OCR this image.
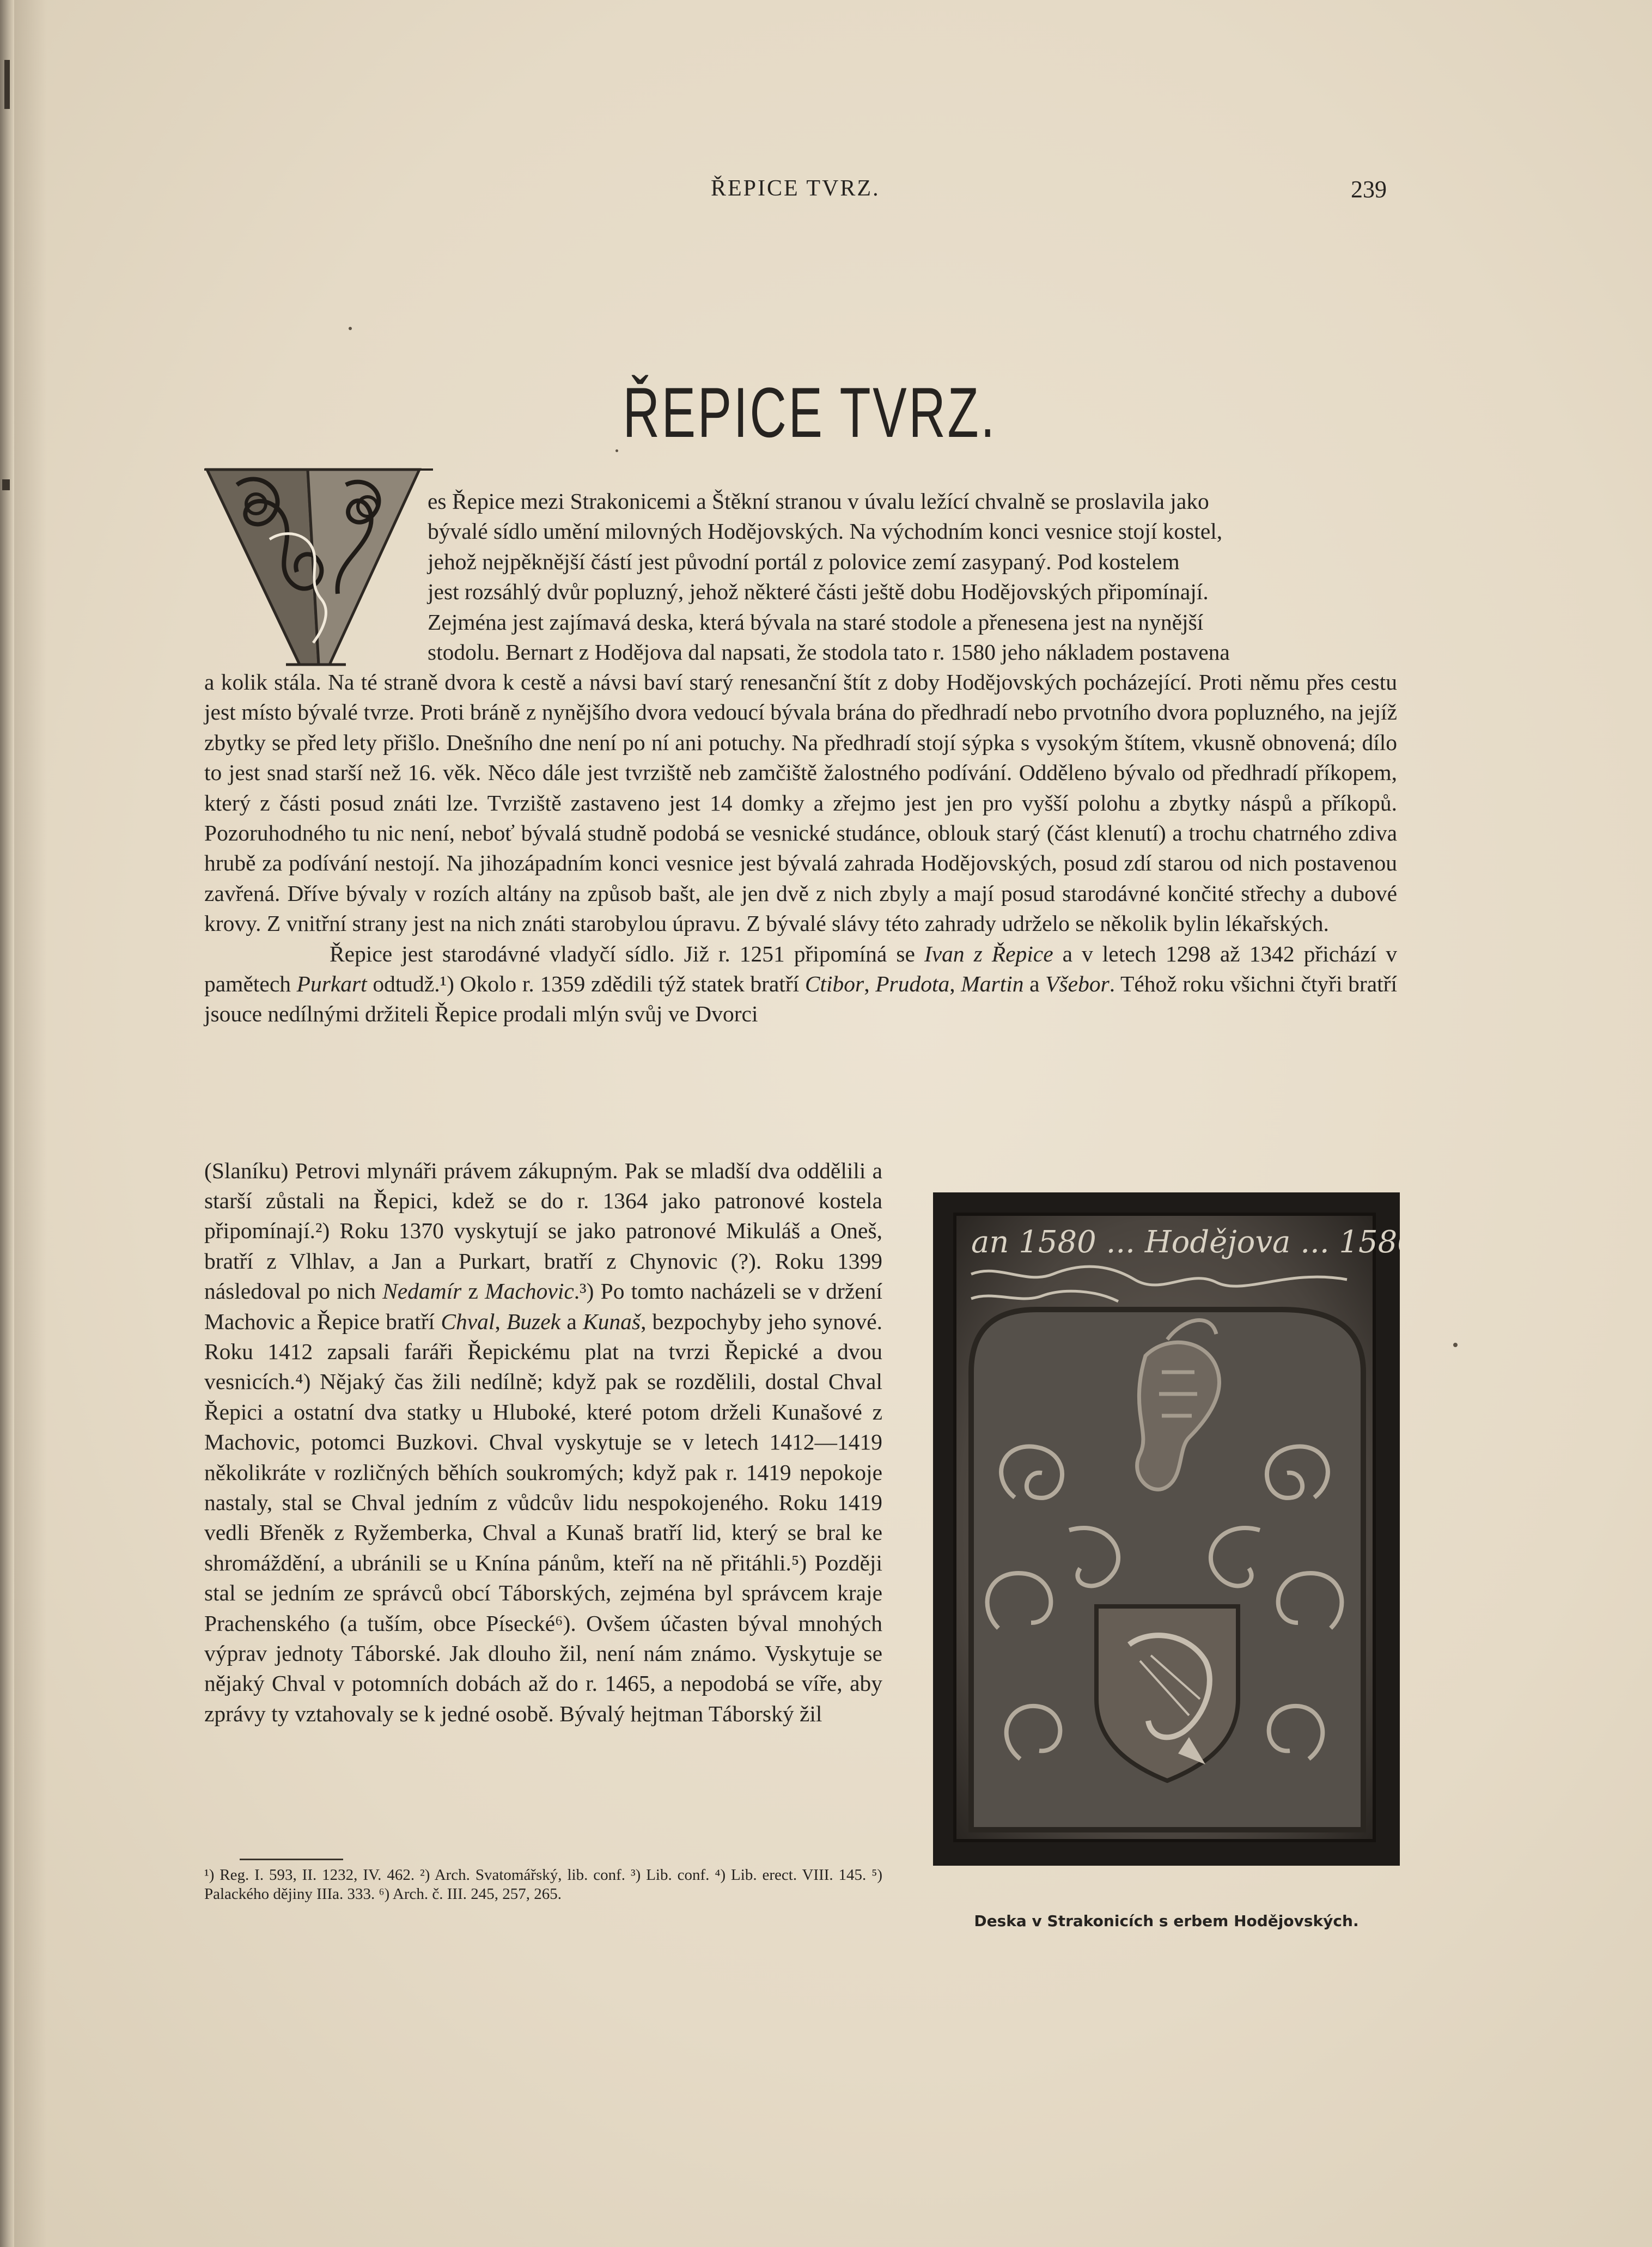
ŘEPICE TVRZ.	239
ŘEPICE TVRZ.
es Řepice mezi Strakonicemi a Štěkní stranou v úvalu ležící chvalně se proslavila jako
bývalé sídlo umění milovných Hodějovských. Na východním konci vesnice stojí kostel,
jehož nejpěknější částí jest původní portál z polovice zemí zasypaný. Pod kostelem
jest rozsáhlý dvůr popluzný, jehož některé části ještě dobu Hodějovských připomínají.
Zejména jest zajímavá deska, která bývala na staré stodole a přenesena jest na nynější
stodolu. Bernart z Hodějova dal napsati, že stodola tato r. 1580 jeho nákladem postavena

a kolik stála. Na té straně dvora k cestě a návsi baví starý renesanční štít z doby Hodějovských pocházející. Proti němu přes cestu jest místo bývalé tvrze. Proti bráně z nynějšího dvora vedoucí bývala brána do předhradí nebo prvotního dvora popluzného, na jejíž zbytky se před lety přišlo. Dnešního dne není po ní ani potuchy. Na předhradí stojí sýpka s vysokým štítem, vkusně obnovená; dílo to jest snad starší než 16. věk. Něco dále jest tvrziště neb zamčiště žalostného podívání. Odděleno bývalo od předhradí příkopem, který z části posud znáti lze. Tvrziště zastaveno jest 14 domky a zřejmo jest jen pro vyšší polohu a zbytky náspů a příkopů. Pozoruhodného tu nic není, neboť bývalá studně podobá se vesnické studánce, oblouk starý (část klenutí) a trochu chatrného zdiva hrubě za podívání nestojí. Na jihozápadním konci vesnice jest bývalá zahrada Hodějovských, posud zdí starou od nich postavenou zavřená. Dříve bývaly v rozích altány na způsob bašt, ale jen dvě z nich zbyly a mají posud starodávné končité střechy a dubové krovy. Z vnitřní strany jest na nich znáti starobylou úpravu. Z bývalé slávy této zahrady udrželo se několik bylin lékařských.

Řepice jest starodávné vladyčí sídlo. Již r. 1251 připomíná se Ivan z Řepice a v letech 1298 až 1342 přichází v pamětech Purkart odtudž.¹) Okolo r. 1359 zdědili týž statek bratří Ctibor, Prudota, Martin a Všebor. Téhož roku všichni čtyři bratří jsouce nedílnými držiteli Řepice prodali mlýn svůj ve Dvorci

(Slaníku) Petrovi mlynáři právem zákupným. Pak se mladší dva oddělili a starší zůstali na Řepici, kdež se do r. 1364 jako patronové kostela připomínají.²) Roku 1370 vyskytují se jako patronové Mikuláš a Oneš, bratří z Vlhlav, a Jan a Purkart, bratří z Chynovic (?). Roku 1399 následoval po nich Nedamír z Machovic.³) Po tomto nacházeli se v držení Machovic a Řepice bratří Chval, Buzek a Kunaš, bezpochyby jeho synové. Roku 1412 zapsali faráři Řepickému plat na tvrzi Řepické a dvou vesnicích.⁴) Nějaký čas žili nedílně; když pak se rozdělili, dostal Chval Řepici a ostatní dva statky u Hluboké, které potom drželi Kunašové z Machovic, potomci Buzkovi. Chval vyskytuje se v letech 1412—1419 několikráte v rozličných běhích soukromých; když pak r. 1419 nepokoje nastaly, stal se Chval jedním z vůdcův lidu nespokojeného. Roku 1419 vedli Břeněk z Ryžemberka, Chval a Kunaš bratří lid, který se bral ke shromáždění, a ubránili se u Knína pánům, kteří na ně přitáhli.⁵) Později stal se jedním ze správců obcí Táborských, zejména byl správcem kraje Prachenského (a tuším, obce Písecké⁶). Ovšem účasten býval mnohých výprav jednoty Táborské. Jak dlouho žil, není nám známo. Vyskytuje se nějaký Chval v potomních dobách až do r. 1465, a nepodobá se víře, aby zprávy ty vztahovaly se k jedné osobě. Bývalý hejtman Táborský žil

¹) Reg. I. 593, II. 1232, IV. 462. ²) Arch. Svatomářský, lib. conf. ³) Lib. conf. ⁴) Lib. erect. VIII. 145. ⁵) Palackého dějiny IIIa. 333. ⁶) Arch. č. III. 245, 257, 265.
an 1580 ... Hodějova ... 1580
Deska v Strakonicích s erbem Hodějovských.
